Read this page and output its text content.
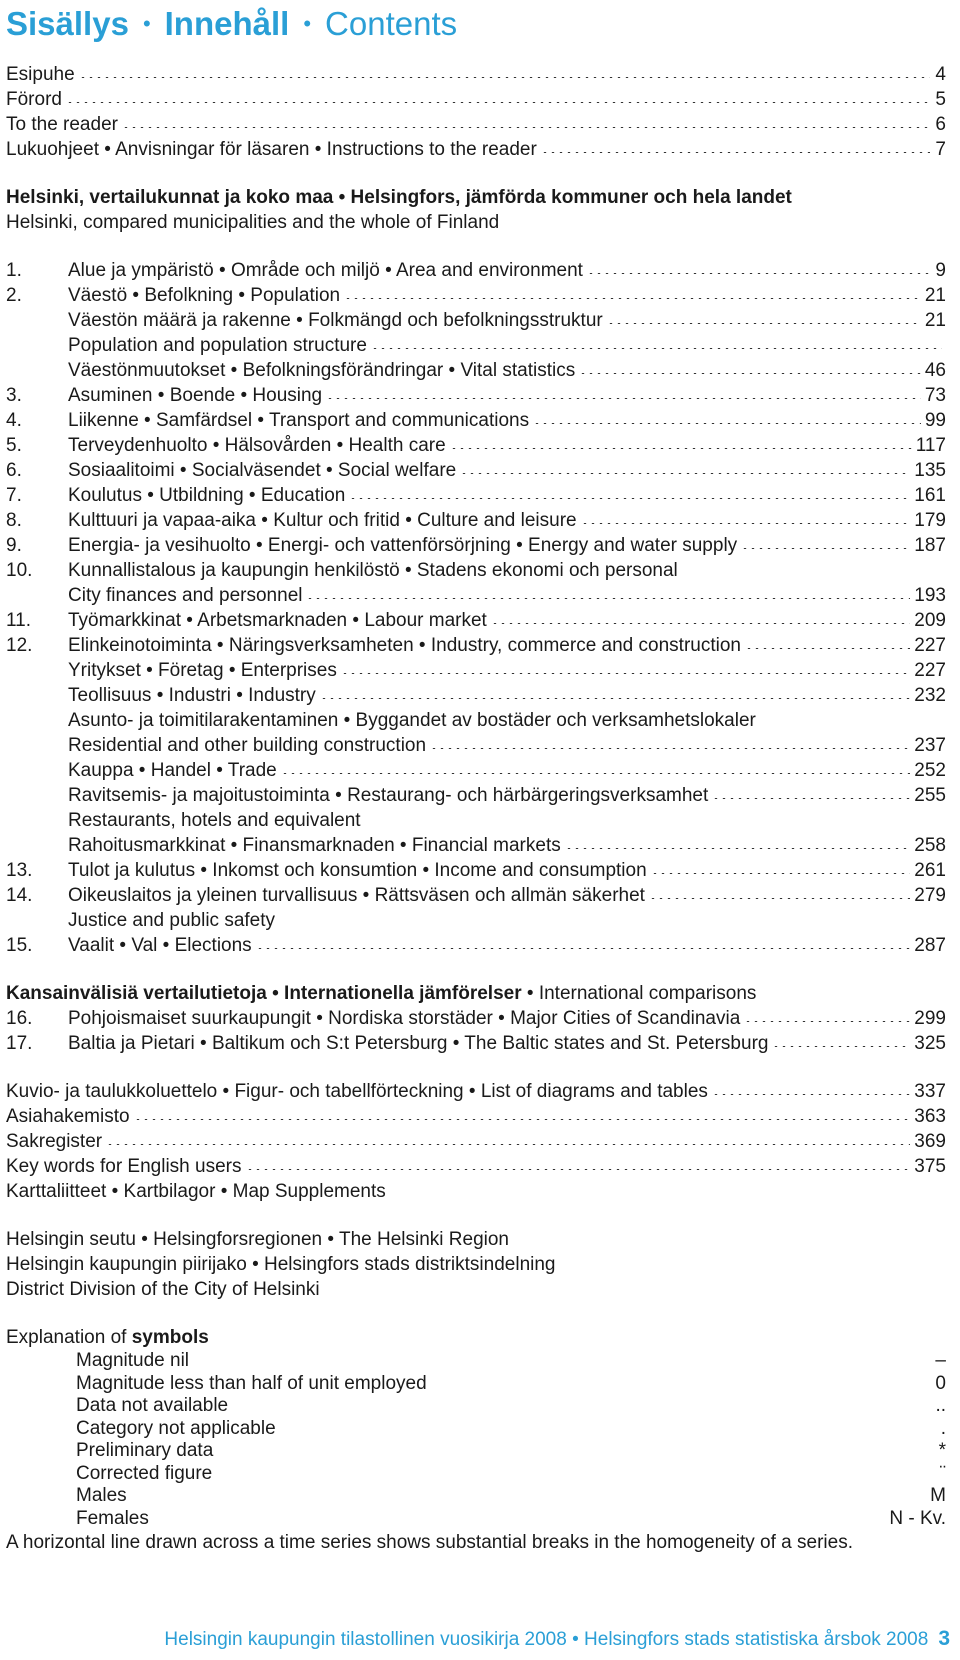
Sisällys • Innehåll • Contents
Esipuhe	4
Förord	5
To the reader	6
Lukuohjeet • Anvisningar för läsaren • Instructions to the reader	7
Helsinki, vertailukunnat ja koko maa • Helsingfors, jämförda kommuner och hela landet
Helsinki, compared municipalities and the whole of Finland
1.	Alue ja ympäristö • Område och miljö • Area and environment	9
2.	Väestö • Befolkning • Population	21
Väestön määrä ja rakenne • Folkmängd och befolkningsstruktur	21
Population and population structure
Väestönmuutokset • Befolkningsförändringar • Vital statistics	46
3.	Asuminen • Boende • Housing	73
4.	Liikenne • Samfärdsel • Transport and communications	99
5.	Terveydenhuolto • Hälsovården • Health care	117
6.	Sosiaalitoimi • Socialväsendet • Social welfare	135
7.	Koulutus • Utbildning • Education	161
8.	Kulttuuri ja vapaa-aika • Kultur och fritid • Culture and leisure	179
9.	Energia- ja vesihuolto • Energi- och vattenförsörjning • Energy and water supply	187
10.	Kunnallistalous ja kaupungin henkilöstö • Stadens ekonomi och personal
City finances and personnel	193
11.	Työmarkkinat • Arbetsmarknaden • Labour market	209
12.	Elinkeinotoiminta • Näringsverksamheten • Industry, commerce and construction	227
Yritykset • Företag • Enterprises	227
Teollisuus • Industri • Industry	232
Asunto- ja toimitilarakentaminen • Byggandet av bostäder och verksamhetslokaler
Residential and other building construction	237
Kauppa • Handel • Trade	252
Ravitsemis- ja majoitustoiminta • Restaurang- och härbärgeringsverksamhet	255
Restaurants, hotels and equivalent
Rahoitusmarkkinat • Finansmarknaden • Financial markets	258
13.	Tulot ja kulutus • Inkomst och konsumtion • Income and consumption	261
14.	Oikeuslaitos ja yleinen turvallisuus • Rättsväsen och allmän säkerhet	279
Justice and public safety
15.	Vaalit • Val • Elections	287
Kansainvälisiä vertailutietoja • Internationella jämförelser • International comparisons
16.	Pohjoismaiset suurkaupungit • Nordiska storstäder • Major Cities of Scandinavia	299
17.	Baltia ja Pietari • Baltikum och S:t Petersburg • The Baltic states and St. Petersburg	325
Kuvio- ja taulukkoluettelo • Figur- och tabellförteckning • List of diagrams and tables	337
Asiahakemisto	363
Sakregister	369
Key words for English users	375
Karttaliitteet • Kartbilagor • Map Supplements
Helsingin seutu • Helsingforsregionen • The Helsinki Region
Helsingin kaupungin piirijako • Helsingfors stads distriktsindelning
District Division of the City of Helsinki
Explanation of symbols
Magnitude nil	–
Magnitude less than half of unit employed	0
Data not available	..
Category not applicable	.
Preliminary data	*
Corrected figure	¨
Males	M
Females	N - Kv.
A horizontal line drawn across a time series shows substantial breaks in the homogeneity of a series.
Helsingin kaupungin tilastollinen vuosikirja 2008 • Helsingfors stads statistiska årsbok 2008 3
